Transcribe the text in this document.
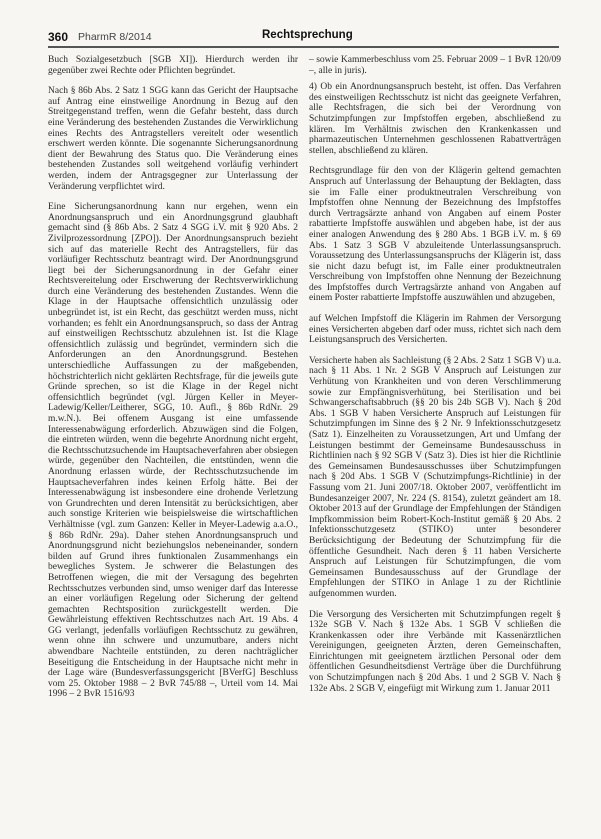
360 PharmR 8/2014	Rechtsprechung

Buch Sozialgesetzbuch [SGB XI]). Hierdurch werden ihr gegenüber zwei Rechte oder Pflichten begründet.

Nach § 86b Abs. 2 Satz 1 SGG kann das Gericht der Hauptsache auf Antrag eine einstweilige Anordnung in Bezug auf den Streitgegenstand treffen, wenn die Gefahr besteht, dass durch eine Veränderung des bestehenden Zustandes die Verwirklichung eines Rechts des Antragstellers vereitelt oder wesentlich erschwert werden könnte. Die sogenannte Sicherungsanordnung dient der Bewahrung des Status quo. Die Veränderung eines bestehenden Zustandes soll weitgehend vorläufig verhindert werden, indem der Antragsgegner zur Unterlassung der Veränderung verpflichtet wird.

Eine Sicherungsanordnung kann nur ergehen, wenn ein Anordnungsanspruch und ein Anordnungsgrund glaubhaft gemacht sind (§ 86b Abs. 2 Satz 4 SGG i.V. mit § 920 Abs. 2 Zivilprozessordnung [ZPO]). Der Anordnungsanspruch bezieht sich auf das materielle Recht des Antragstellers, für das vorläufiger Rechtsschutz beantragt wird. Der Anordnungsgrund liegt bei der Sicherungsanordnung in der Gefahr einer Rechtsvereitelung oder Erschwerung der Rechtsverwirklichung durch eine Veränderung des bestehenden Zustandes. Wenn die Klage in der Hauptsache offensichtlich unzulässig oder unbegründet ist, ist ein Recht, das geschützt werden muss, nicht vorhanden; es fehlt ein Anordnungsanspruch, so dass der Antrag auf einstweiligen Rechtsschutz abzulehnen ist. Ist die Klage offensichtlich zulässig und begründet, vermindern sich die Anforderungen an den Anordnungsgrund. Bestehen unterschiedliche Auffassungen zu der maßgebenden, höchstrichterlich nicht geklärten Rechtsfrage, für die jeweils gute Gründe sprechen, so ist die Klage in der Regel nicht offensichtlich begründet (vgl. Jürgen Keller in Meyer-Ladewig/Keller/Leitherer, SGG, 10. Aufl., § 86b RdNr. 29 m.w.N.). Bei offenem Ausgang ist eine umfassende Interessenabwägung erforderlich. Abzuwägen sind die Folgen, die eintreten würden, wenn die begehrte Anordnung nicht ergeht, die Rechtsschutzsuchende im Hauptsacheverfahren aber obsiegen würde, gegenüber den Nachteilen, die entstünden, wenn die Anordnung erlassen würde, der Rechtsschutzsuchende im Hauptsacheverfahren indes keinen Erfolg hätte. Bei der Interessenabwägung ist insbesondere eine drohende Verletzung von Grundrechten und deren Intensität zu berücksichtigen, aber auch sonstige Kriterien wie beispielsweise die wirtschaftlichen Verhältnisse (vgl. zum Ganzen: Keller in Meyer-Ladewig a.a.O., § 86b RdNr. 29a). Daher stehen Anordnungsanspruch und Anordnungsgrund nicht beziehungslos nebeneinander, sondern bilden auf Grund ihres funktionalen Zusammenhangs ein bewegliches System. Je schwerer die Belastungen des Betroffenen wiegen, die mit der Versagung des begehrten Rechtsschutzes verbunden sind, umso weniger darf das Interesse an einer vorläufigen Regelung oder Sicherung der geltend gemachten Rechtsposition zurückgestellt werden. Die Gewährleistung effektiven Rechtsschutzes nach Art. 19 Abs. 4 GG verlangt, jedenfalls vorläufigen Rechtsschutz zu gewähren, wenn ohne ihn schwere und unzumutbare, anders nicht abwendbare Nachteile entstünden, zu deren nachträglicher Beseitigung die Entscheidung in der Hauptsache nicht mehr in der Lage wäre (Bundesverfassungsgericht [BVerfG] Beschluss vom 25. Oktober 1988 – 2 BvR 745/88 –, Urteil vom 14. Mai 1996 – 2 BvR 1516/93

– sowie Kammerbeschluss vom 25. Februar 2009 – 1 BvR 120/09 –, alle in juris).

4) Ob ein Anordnungsanspruch besteht, ist offen. Das Verfahren des einstweiligen Rechtsschutz ist nicht das geeignete Verfahren, alle Rechtsfragen, die sich bei der Verordnung von Schutzimpfungen zur Impfstoffen ergeben, abschließend zu klären. Im Verhältnis zwischen den Krankenkassen und pharmazeutischen Unternehmen geschlossenen Rabattverträgen stellen, abschließend zu klären.

Rechtsgrundlage für den von der Klägerin geltend gemachten Anspruch auf Unterlassung der Behauptung der Beklagten, dass sie im Falle einer produktneutralen Verschreibung von Impfstoffen ohne Nennung der Bezeichnung des Impfstoffes durch Vertragsärzte anhand von Angaben auf einem Poster rabattierte Impfstoffe auswählen und abgeben habe, ist der aus einer analogen Anwendung des § 280 Abs. 1 BGB i.V. m. § 69 Abs. 1 Satz 3 SGB V abzuleitende Unterlassungsanspruch. Voraussetzung des Unterlassungsanspruchs der Klägerin ist, dass sie nicht dazu befugt ist, im Falle einer produktneutralen Verschreibung von Impfstoffen ohne Nennung der Bezeichnung des Impfstoffes durch Vertragsärzte anhand von Angaben auf einem Poster rabattierte Impfstoffe auszuwählen und abzugeben,

auf Welchen Impfstoff die Klägerin im Rahmen der Versorgung eines Versicherten abgeben darf oder muss, richtet sich nach dem Leistungsanspruch des Versicherten.

Versicherte haben als Sachleistung (§ 2 Abs. 2 Satz 1 SGB V) u.a. nach § 11 Abs. 1 Nr. 2 SGB V Anspruch auf Leistungen zur Verhütung von Krankheiten und von deren Verschlimmerung sowie zur Empfängnisverhütung, bei Sterilisation und bei Schwangerschaftsabbruch (§§ 20 bis 24b SGB V). Nach § 20d Abs. 1 SGB V haben Versicherte Anspruch auf Leistungen für Schutzimpfungen im Sinne des § 2 Nr. 9 Infektionsschutzgesetz (Satz 1). Einzelheiten zu Voraussetzungen, Art und Umfang der Leistungen bestimmt der Gemeinsame Bundesausschuss in Richtlinien nach § 92 SGB V (Satz 3). Dies ist hier die Richtlinie des Gemeinsamen Bundesausschusses über Schutzimpfungen nach § 20d Abs. 1 SGB V (Schutzimpfungs-Richtlinie) in der Fassung vom 21. Juni 2007/18. Oktober 2007, veröffentlicht im Bundesanzeiger 2007, Nr. 224 (S. 8154), zuletzt geändert am 18. Oktober 2013 auf der Grundlage der Empfehlungen der Ständigen Impfkommission beim Robert-Koch-Institut gemäß § 20 Abs. 2 Infektionsschutzgesetz (STIKO) unter besonderer Berücksichtigung der Bedeutung der Schutzimpfung für die öffentliche Gesundheit. Nach deren § 11 haben Versicherte Anspruch auf Leistungen für Schutzimpfungen, die vom Gemeinsamen Bundesausschuss auf der Grundlage der Empfehlungen der STIKO in Anlage 1 zu der Richtlinie aufgenommen wurden.

Die Versorgung des Versicherten mit Schutzimpfungen regelt § 132e SGB V. Nach § 132e Abs. 1 SGB V schließen die Krankenkassen oder ihre Verbände mit Kassenärztlichen Vereinigungen, geeigneten Ärzten, deren Gemeinschaften, Einrichtungen mit geeignetem ärztlichen Personal oder dem öffentlichen Gesundheitsdienst Verträge über die Durchführung von Schutzimpfungen nach § 20d Abs. 1 und 2 SGB V. Nach § 132e Abs. 2 SGB V, eingefügt mit Wirkung zum 1. Januar 2011
